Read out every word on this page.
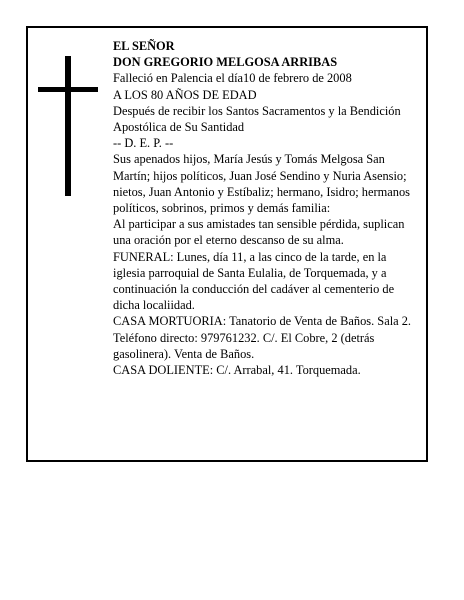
EL SEÑOR
DON GREGORIO MELGOSA ARRIBAS
Falleció en Palencia el día10 de febrero de 2008
A LOS 80 AÑOS DE EDAD
Después de recibir los Santos Sacramentos y la Bendición Apostólica de Su Santidad
-- D. E. P. --
Sus apenados hijos, María Jesús y Tomás Melgosa San Martín; hijos políticos, Juan José Sendino y Nuria Asensio; nietos, Juan Antonio y Estíbaliz; hermano, Isidro; hermanos políticos, sobrinos, primos y demás familia:
Al participar a sus amistades tan sensible pérdida, suplican una oración por el eterno descanso de su alma.
FUNERAL: Lunes, día 11, a las cinco de la tarde, en la iglesia parroquial de Santa Eulalia, de Torquemada, y a continuación la conducción del cadáver al cementerio de dicha localiidad.
CASA MORTUORIA: Tanatorio de Venta de Baños. Sala 2. Teléfono directo: 979761232. C/. El Cobre, 2 (detrás gasolinera). Venta de Baños.
CASA DOLIENTE: C/. Arrabal, 41. Torquemada.
